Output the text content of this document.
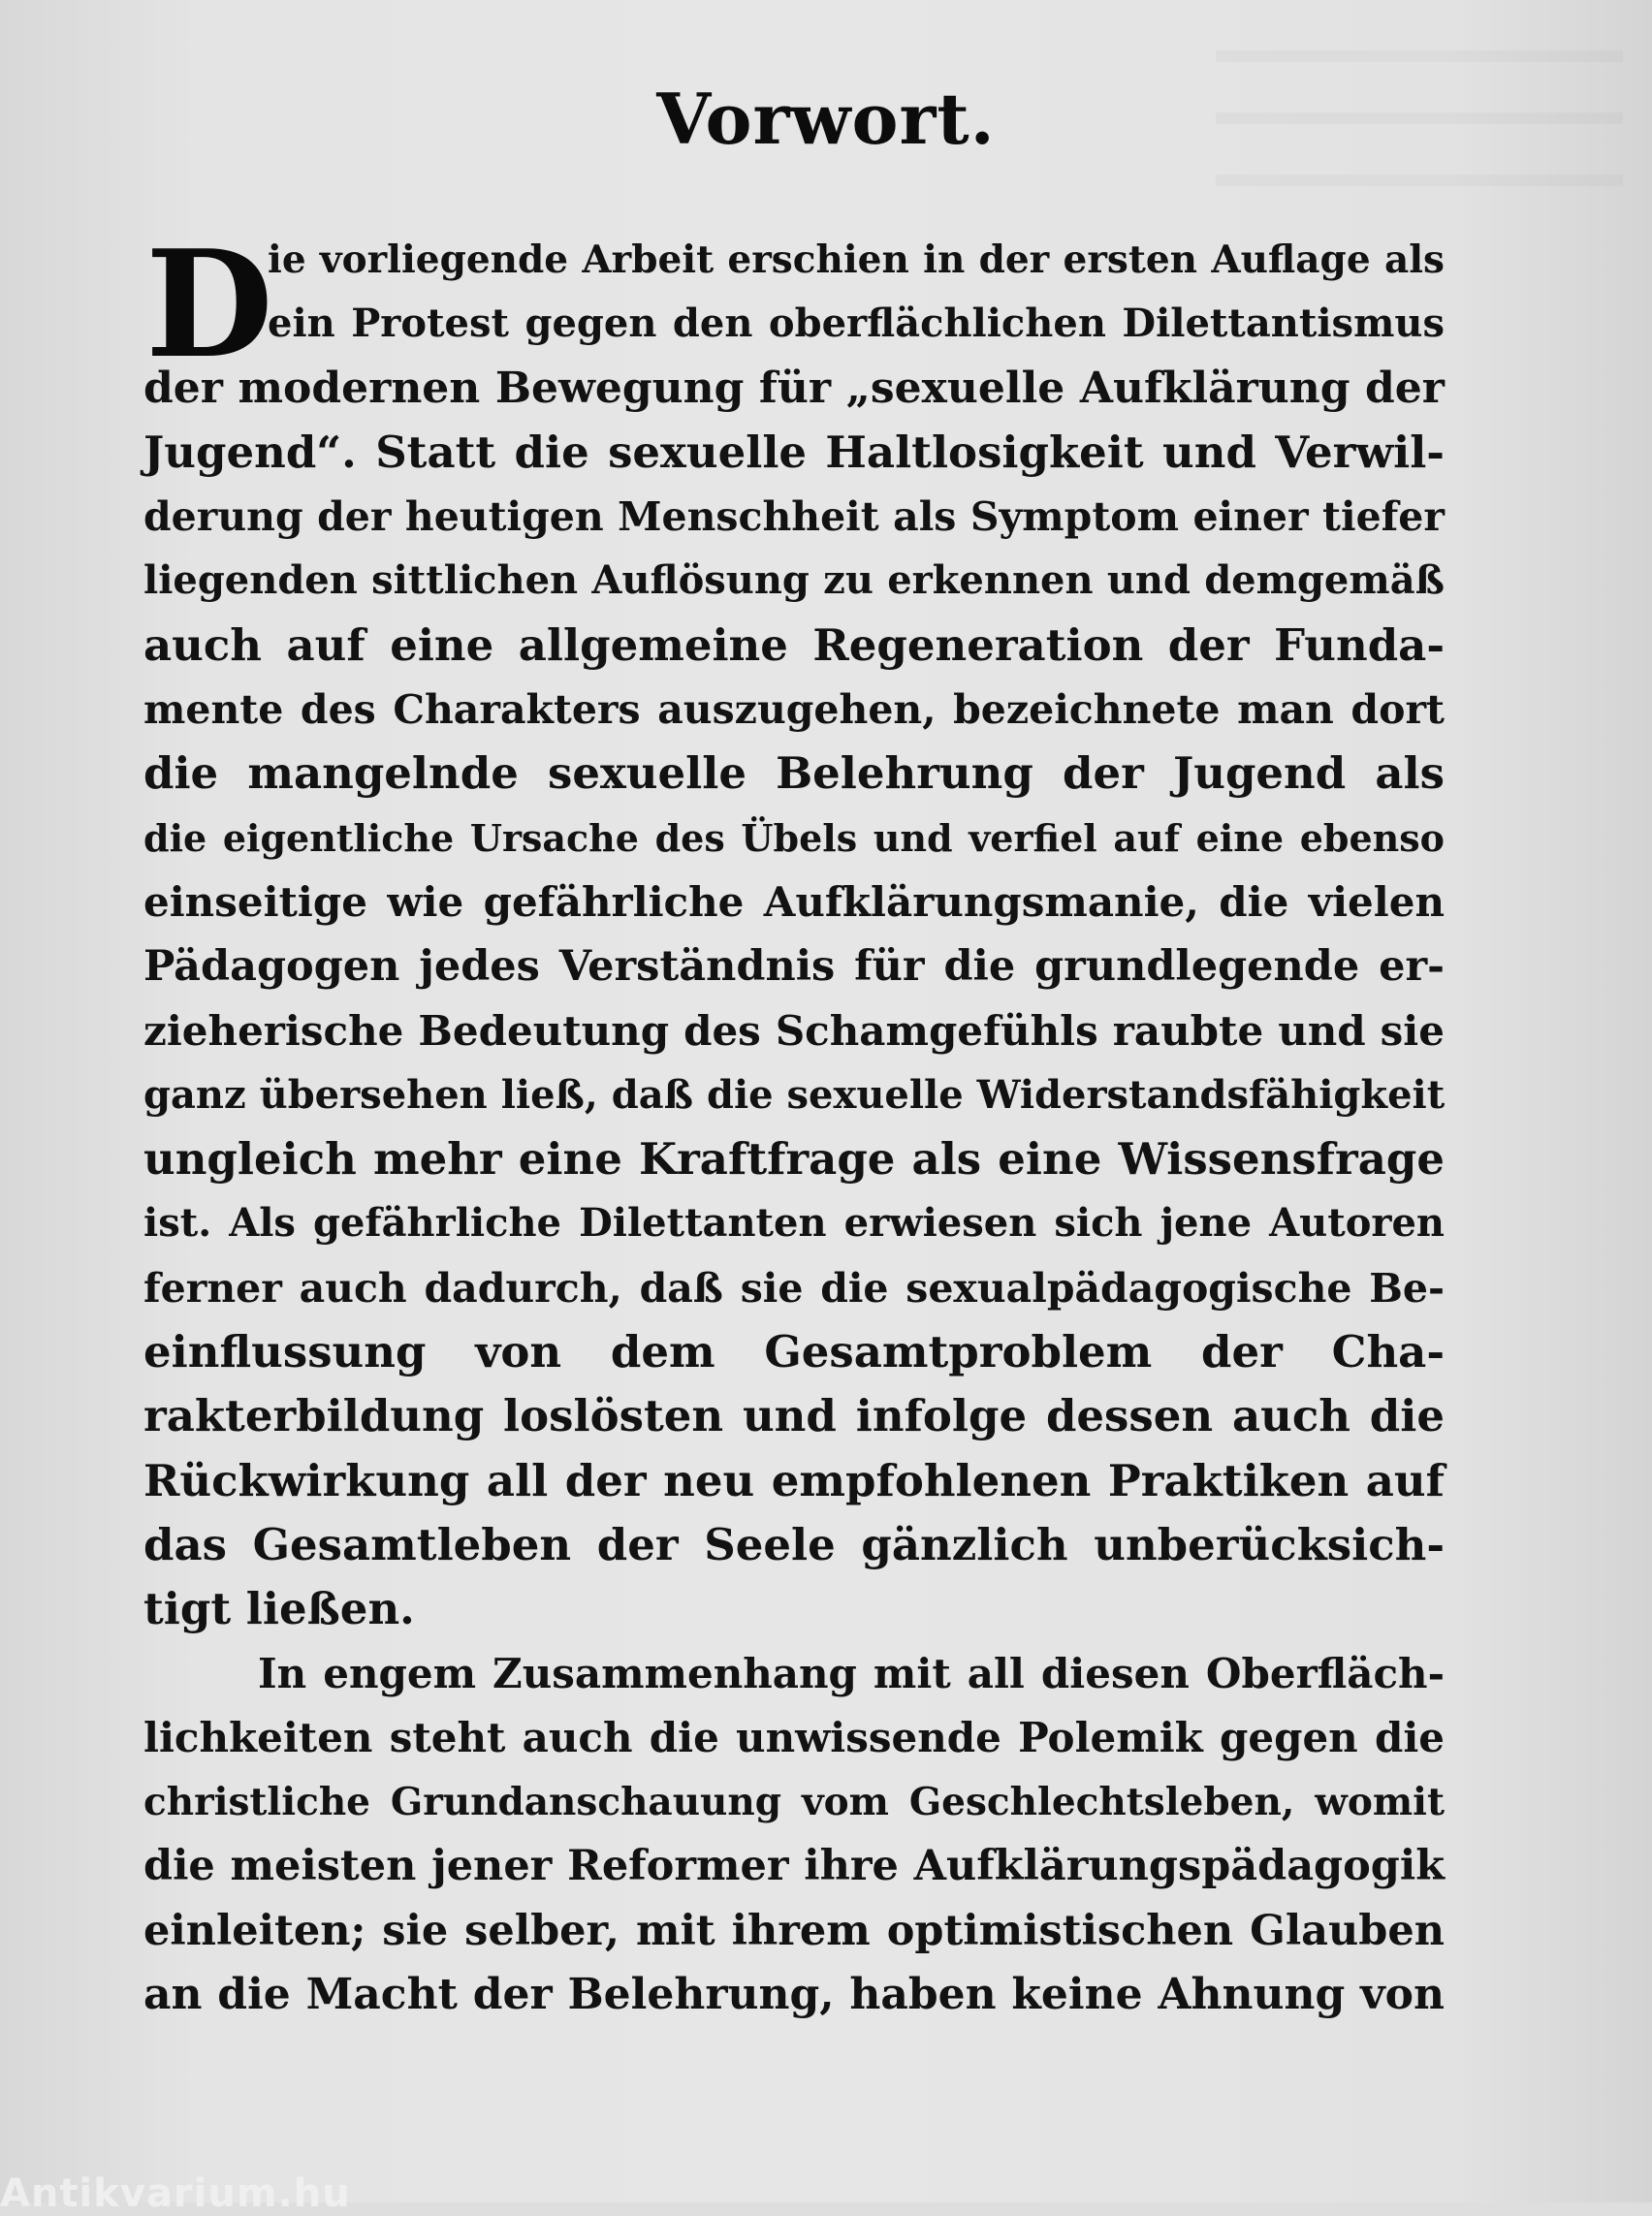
Vorwort.
D
ie vorliegende Arbeit erschien in der ersten Auflage als
ein Protest gegen den oberflächlichen Dilettantismus
der modernen Bewegung für „sexuelle Aufklärung der
Jugend“. Statt die sexuelle Haltlosigkeit und Verwil-
derung der heutigen Menschheit als Symptom einer tiefer
liegenden sittlichen Auflösung zu erkennen und demgemäß
auch auf eine allgemeine Regeneration der Funda-
mente des Charakters auszugehen, bezeichnete man dort
die mangelnde sexuelle Belehrung der Jugend als
die eigentliche Ursache des Übels und verfiel auf eine ebenso
einseitige wie gefährliche Aufklärungsmanie, die vielen
Pädagogen jedes Verständnis für die grundlegende er-
zieherische Bedeutung des Schamgefühls raubte und sie
ganz übersehen ließ, daß die sexuelle Widerstandsfähigkeit
ungleich mehr eine Kraftfrage als eine Wissensfrage
ist. Als gefährliche Dilettanten erwiesen sich jene Autoren
ferner auch dadurch, daß sie die sexualpädagogische Be-
einflussung von dem Gesamtproblem der Cha-
rakterbildung loslösten und infolge dessen auch die
Rückwirkung all der neu empfohlenen Praktiken auf
das Gesamtleben der Seele gänzlich unberücksich-
tigt ließen.
In engem Zusammenhang mit all diesen Oberfläch-
lichkeiten steht auch die unwissende Polemik gegen die
christliche Grundanschauung vom Geschlechtsleben, womit
die meisten jener Reformer ihre Aufklärungspädagogik
einleiten; sie selber, mit ihrem optimistischen Glauben
an die Macht der Belehrung, haben keine Ahnung von
Antikvarium.hu
